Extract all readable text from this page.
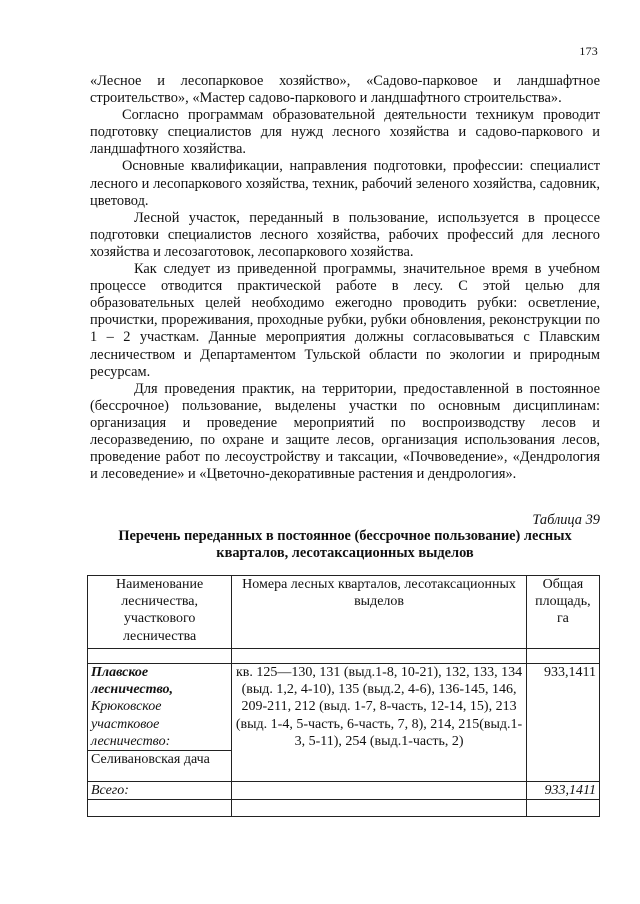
173

«Лесное и лесопарковое хозяйство», «Садово-парковое и ландшафтное строительство», «Мастер садово-паркового и ландшафтного строительства».

Согласно программам образовательной деятельности техникум проводит подготовку специалистов для нужд лесного хозяйства и садово-паркового и ландшафтного хозяйства.

Основные квалификации, направления подготовки, профессии: специалист лесного и лесопаркового хозяйства, техник, рабочий зеленого хозяйства, садовник, цветовод.

Лесной участок, переданный в пользование, используется в процессе подготовки специалистов лесного хозяйства, рабочих профессий для лесного хозяйства и лесозаготовок, лесопаркового хозяйства.

Как следует из приведенной программы, значительное время в учебном процессе отводится практической работе в лесу. С этой целью для образовательных целей необходимо ежегодно проводить рубки: осветление, прочистки, прореживания, проходные рубки, рубки обновления, реконструкции по 1 – 2 участкам. Данные мероприятия должны согласовываться с Плавским лесничеством и Департаментом Тульской области по экологии и природным ресурсам.

Для проведения практик, на территории, предоставленной в постоянное (бессрочное) пользование, выделены участки по основным дисциплинам: организация и проведение мероприятий по воспроизводству лесов и лесоразведению, по охране и защите лесов, организация использования лесов, проведение работ по лесоустройству и таксации, «Почвоведение», «Дендрология и лесоведение» и «Цветочно-декоративные растения и дендрология».

Таблица 39
Перечень переданных в постоянное (бессрочное пользование) лесных кварталов, лесотаксационных выделов
Наименование лесничества, участкового лесничества	Номера лесных кварталов, лесотаксационных выделов	Общая площадь, га

Плавское лесничество,
Крюковское участковое лесничество:	кв. 125—130, 131 (выд.1-8, 10-21), 132, 133, 134 (выд. 1,2, 4-10), 135 (выд.2, 4-6), 136-145, 146, 209-211, 212 (выд. 1-7, 8-часть, 12-14, 15), 213 (выд. 1-4, 5-часть, 6-часть, 7, 8), 214, 215(выд.1-3, 5-11), 254 (выд.1-часть, 2)	933,1411
Селивановская дача		
Всего:		933,1411
